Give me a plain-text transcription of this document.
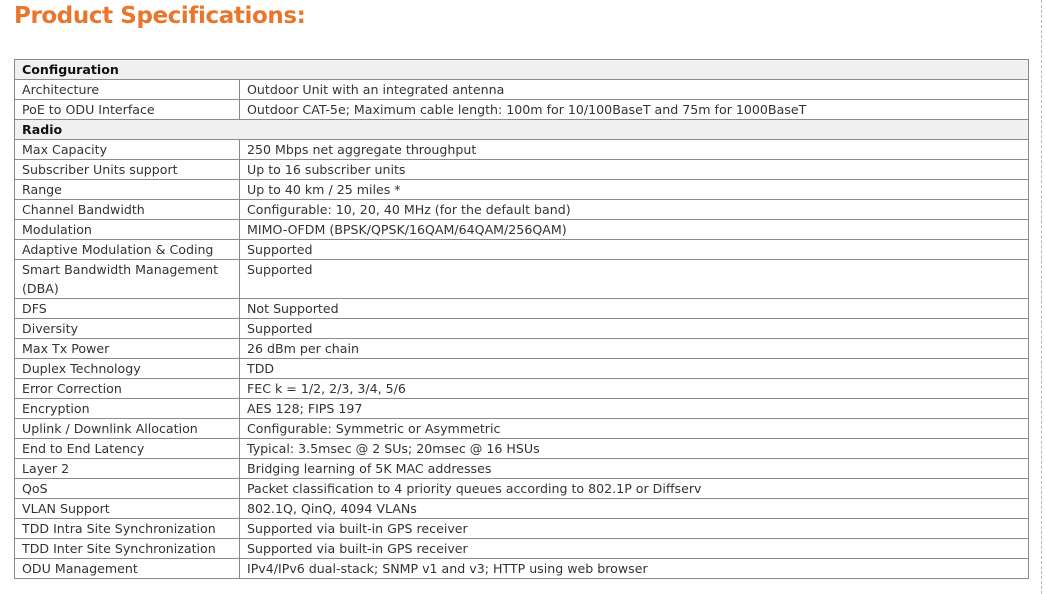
Product Specifications:
Configuration	
Architecture	Outdoor Unit with an integrated antenna
PoE to ODU Interface	Outdoor CAT-5e; Maximum cable length: 100m for 10/100BaseT and 75m for 1000BaseT
Radio	
Max Capacity	250 Mbps net aggregate throughput
Subscriber Units support	Up to 16 subscriber units
Range	Up to 40 km / 25 miles *
Channel Bandwidth	Configurable: 10, 20, 40 MHz (for the default band)
Modulation	MIMO-OFDM (BPSK/QPSK/16QAM/64QAM/256QAM)
Adaptive Modulation & Coding	Supported
Smart Bandwidth Management (DBA)	Supported
DFS	Not Supported
Diversity	Supported
Max Tx Power	26 dBm per chain
Duplex Technology	TDD
Error Correction	FEC k = 1/2, 2/3, 3/4, 5/6
Encryption	AES 128; FIPS 197
Uplink / Downlink Allocation	Configurable: Symmetric or Asymmetric
End to End Latency	Typical: 3.5msec @ 2 SUs; 20msec @ 16 HSUs
Layer 2	Bridging learning of 5K MAC addresses
QoS	Packet classification to 4 priority queues according to 802.1P or Diffserv
VLAN Support	802.1Q, QinQ, 4094 VLANs
TDD Intra Site Synchronization	Supported via built-in GPS receiver
TDD Inter Site Synchronization	Supported via built-in GPS receiver
ODU Management	IPv4/IPv6 dual-stack; SNMP v1 and v3; HTTP using web browser
